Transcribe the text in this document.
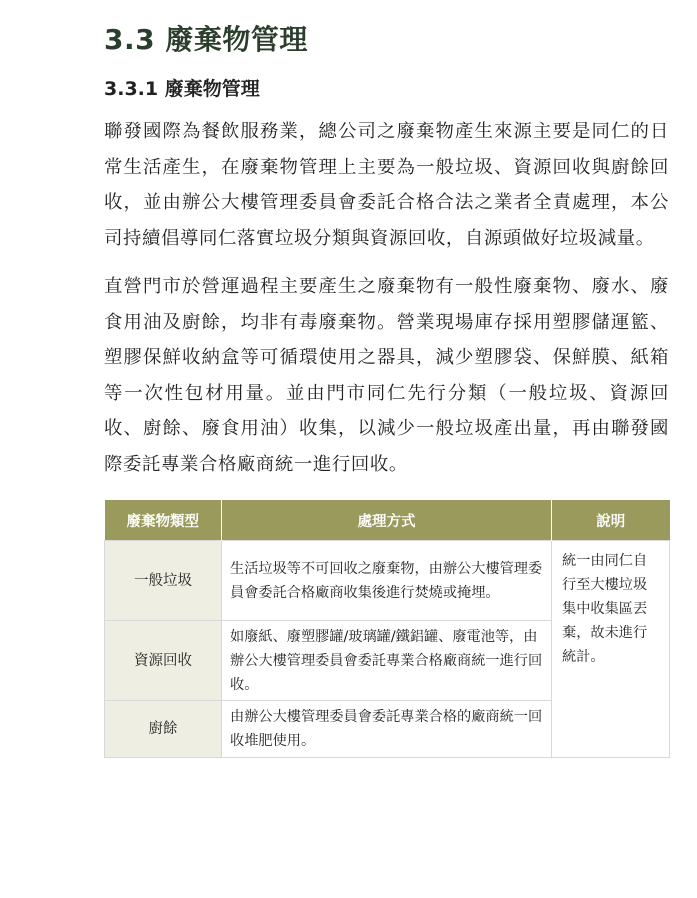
3.3 廢棄物管理
3.3.1 廢棄物管理

聯發國際為餐飲服務業，總公司之廢棄物產生來源主要是同仁的日常生活產生，在廢棄物管理上主要為一般垃圾、資源回收與廚餘回收，並由辦公大樓管理委員會委託合格合法之業者全責處理，本公司持續倡導同仁落實垃圾分類與資源回收，自源頭做好垃圾減量。

直營門市於營運過程主要產生之廢棄物有一般性廢棄物、廢水、廢食用油及廚餘，均非有毒廢棄物。營業現場庫存採用塑膠儲運籃、塑膠保鮮收納盒等可循環使用之器具，減少塑膠袋、保鮮膜、紙箱等一次性包材用量。並由門市同仁先行分類（一般垃圾、資源回收、廚餘、廢食用油）收集，以減少一般垃圾產出量，再由聯發國際委託專業合格廠商統一進行回收。

廢棄物類型	處理方式	說明
一般垃圾	生活垃圾等不可回收之廢棄物，由辦公大樓管理委員會委託合格廠商收集後進行焚燒或掩埋。	統一由同仁自行至大樓垃圾集中收集區丟棄，故未進行統計。
資源回收	如廢紙、廢塑膠罐/玻璃罐/鐵鋁罐、廢電池等，由辦公大樓管理委員會委託專業合格廠商統一進行回收。	
廚餘	由辦公大樓管理委員會委託專業合格的廠商統一回收堆肥使用。	
